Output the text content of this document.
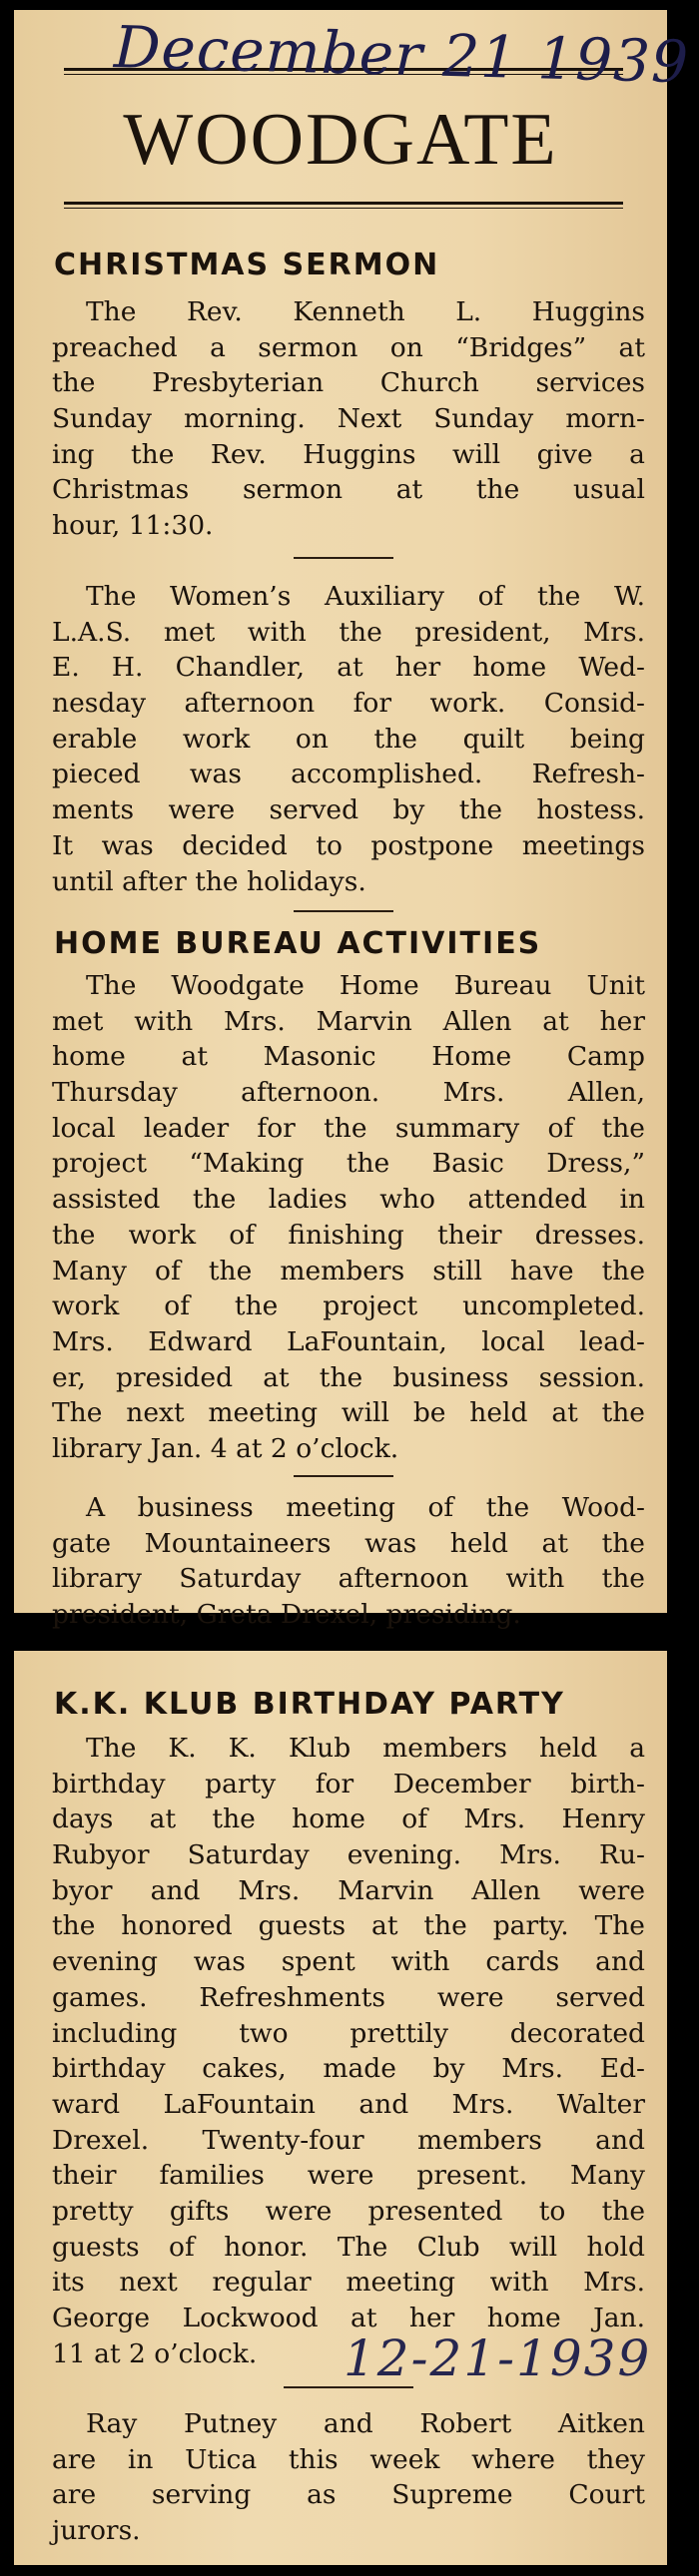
December 21 1939
WOODGATE
CHRISTMAS SERMON
The Rev. Kenneth L. Huggins
preached a sermon on “Bridges” at
the Presbyterian Church services
Sunday morning. Next Sunday morn-
ing the Rev. Huggins will give a
Christmas sermon at the usual
hour, 11:30.
The Women’s Auxiliary of the W.
L.A.S. met with the president, Mrs.
E. H. Chandler, at her home Wed-
nesday afternoon for work. Consid-
erable work on the quilt being
pieced was accomplished. Refresh-
ments were served by the hostess.
It was decided to postpone meetings
until after the holidays.
HOME BUREAU ACTIVITIES
The Woodgate Home Bureau Unit
met with Mrs. Marvin Allen at her
home at Masonic Home Camp
Thursday afternoon. Mrs. Allen,
local leader for the summary of the
project “Making the Basic Dress,”
assisted the ladies who attended in
the work of finishing their dresses.
Many of the members still have the
work of the project uncompleted.
Mrs. Edward LaFountain, local lead-
er, presided at the business session.
The next meeting will be held at the
library Jan. 4 at 2 o’clock.
A business meeting of the Wood-
gate Mountaineers was held at the
library Saturday afternoon with the
president, Greta Drexel, presiding.
K.K. KLUB BIRTHDAY PARTY
The K. K. Klub members held a
birthday party for December birth-
days at the home of Mrs. Henry
Rubyor Saturday evening. Mrs. Ru-
byor and Mrs. Marvin Allen were
the honored guests at the party. The
evening was spent with cards and
games. Refreshments were served
including two prettily decorated
birthday cakes, made by Mrs. Ed-
ward LaFountain and Mrs. Walter
Drexel. Twenty-four members and
their families were present. Many
pretty gifts were presented to the
guests of honor. The Club will hold
its next regular meeting with Mrs.
George Lockwood at her home Jan.
11 at 2 o’clock.	12-21-1939
Ray Putney and Robert Aitken
are in Utica this week where they
are serving as Supreme Court
jurors.
